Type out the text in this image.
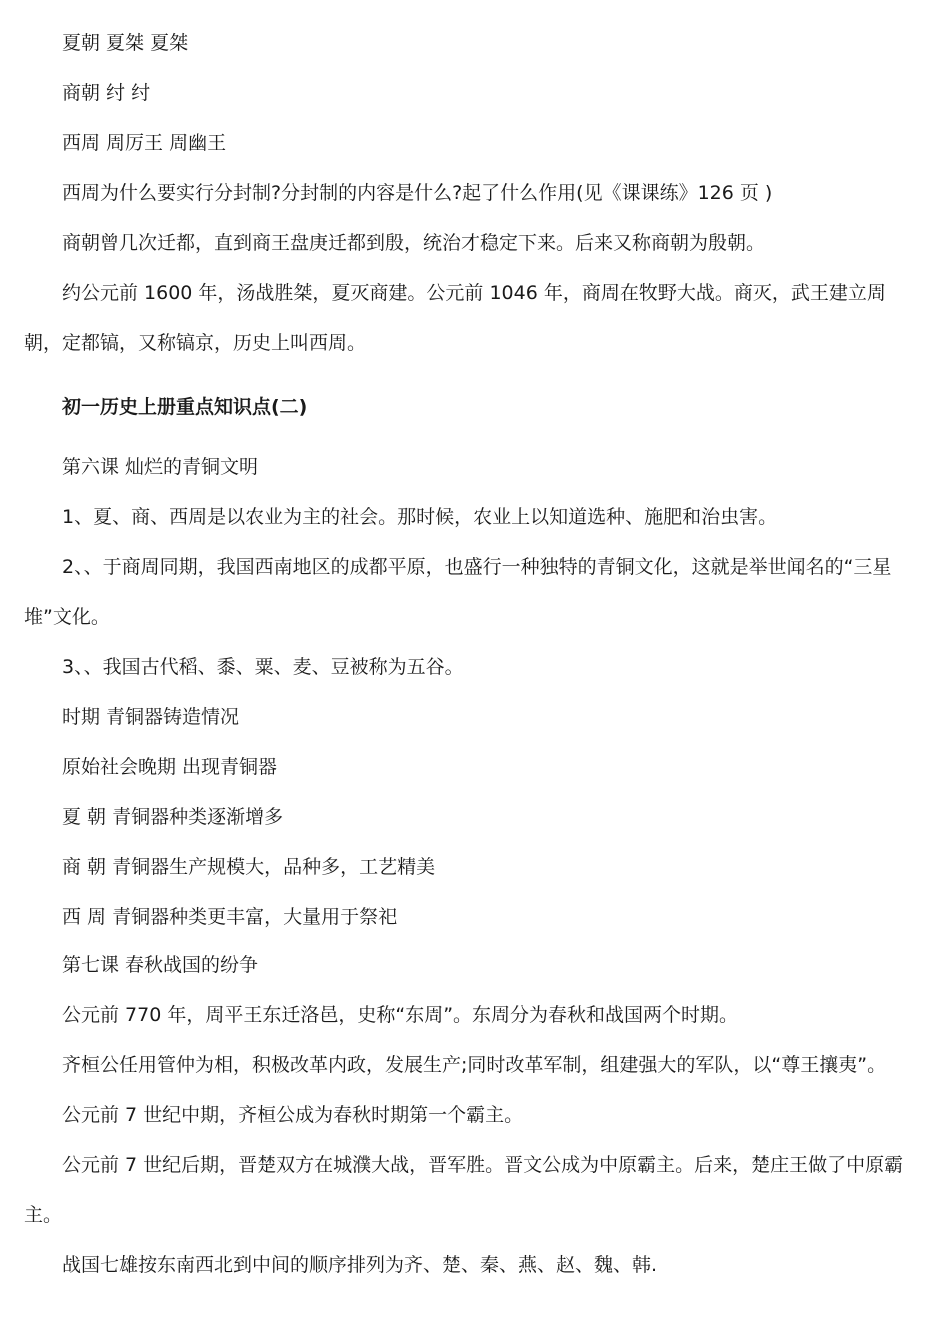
夏朝 夏桀 夏桀

商朝 纣 纣

西周 周厉王 周幽王

西周为什么要实行分封制?分封制的内容是什么?起了什么作用(见《课课练》126 页 )

商朝曾几次迁都，直到商王盘庚迁都到殷，统治才稳定下来。后来又称商朝为殷朝。

约公元前 1600 年，汤战胜桀，夏灭商建。公元前 1046 年，商周在牧野大战。商灭，武王建立周朝，定都镐，又称镐京，历史上叫西周。

初一历史上册重点知识点(二)

第六课 灿烂的青铜文明

1、夏、商、西周是以农业为主的社会。那时候，农业上以知道选种、施肥和治虫害。

2、、于商周同期，我国西南地区的成都平原，也盛行一种独特的青铜文化，这就是举世闻名的“三星堆”文化。

3、、我国古代稻、黍、粟、麦、豆被称为五谷。

时期 青铜器铸造情况

原始社会晚期 出现青铜器

夏 朝 青铜器种类逐渐增多

商 朝 青铜器生产规模大，品种多，工艺精美

西 周 青铜器种类更丰富，大量用于祭祀

第七课 春秋战国的纷争

公元前 770 年，周平王东迁洛邑，史称“东周”。东周分为春秋和战国两个时期。

齐桓公任用管仲为相，积极改革内政，发展生产;同时改革军制，组建强大的军队，以“尊王攘夷”。

公元前 7 世纪中期，齐桓公成为春秋时期第一个霸主。

公元前 7 世纪后期，晋楚双方在城濮大战，晋军胜。晋文公成为中原霸主。后来，楚庄王做了中原霸主。

战国七雄按东南西北到中间的顺序排列为齐、楚、秦、燕、赵、魏、韩.
